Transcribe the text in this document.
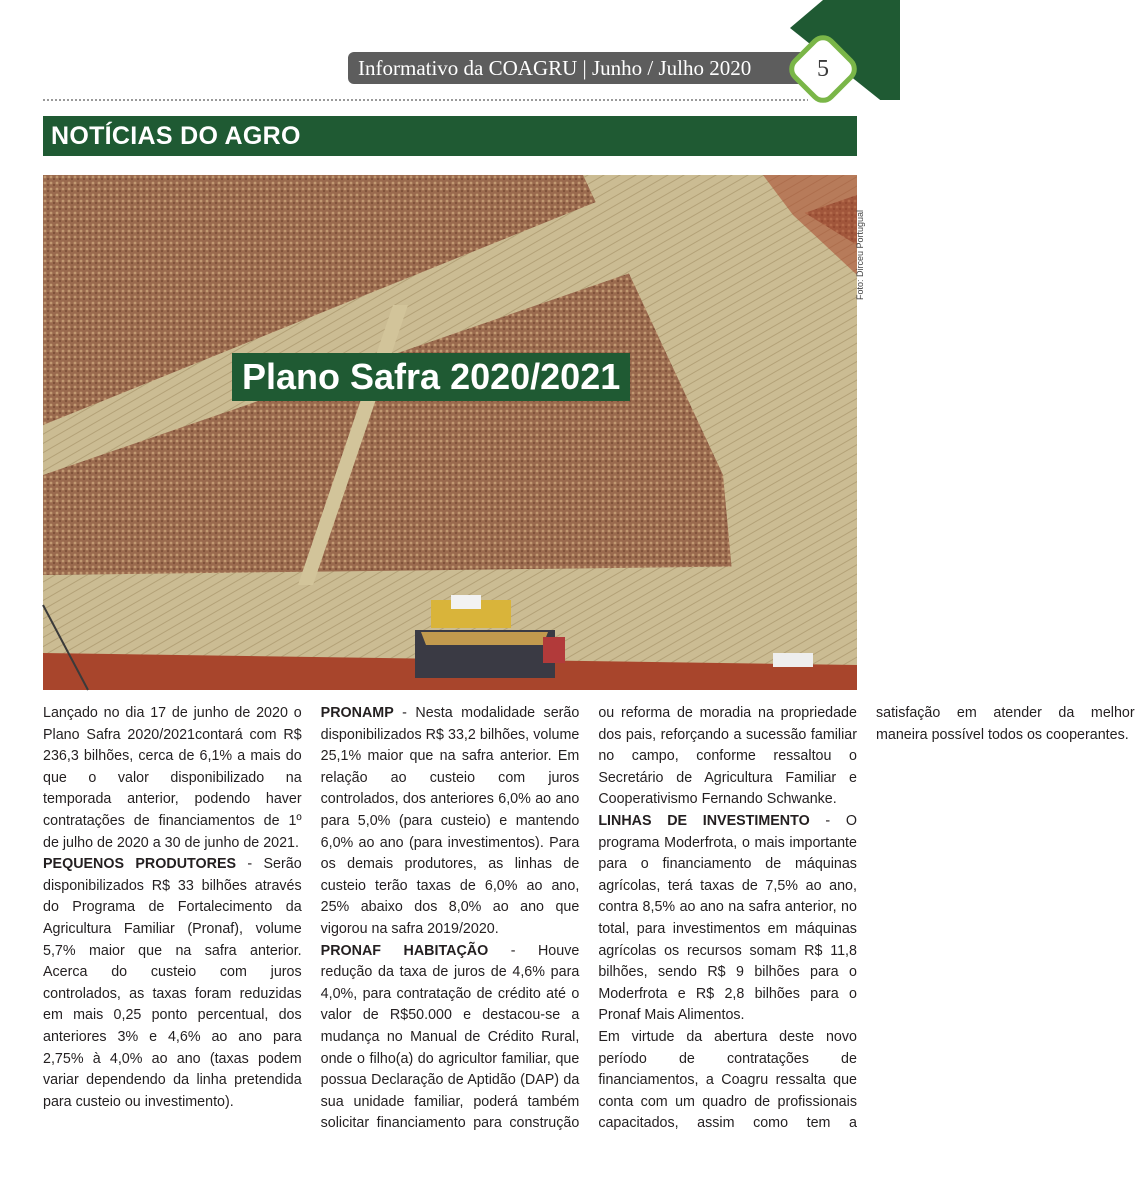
Informativo da COAGRU | Junho / Julho 2020	5
NOTÍCIAS DO AGRO
Plano Safra 2020/2021
Foto: Dirceu Portugual

Lançado no dia 17 de junho de 2020 o Plano Safra 2020/2021contará com R$ 236,3 bilhões, cerca de 6,1% a mais do que o valor disponibilizado na temporada anterior, podendo haver contratações de financiamentos de 1º de julho de 2020 a 30 de junho de 2021.

PEQUENOS PRODUTORES - Serão disponibilizados R$ 33 bilhões através do Programa de Fortalecimento da Agricultura Familiar (Pronaf), volume 5,7% maior que na safra anterior. Acerca do custeio com juros controlados, as taxas foram reduzidas em mais 0,25 ponto percentual, dos anteriores 3% e 4,6% ao ano para 2,75% à 4,0% ao ano (taxas podem variar dependendo da linha pretendida para custeio ou investimento).

PRONAMP - Nesta modalidade serão disponibilizados R$ 33,2 bilhões, volume 25,1% maior que na safra anterior. Em relação ao custeio com juros controlados, dos anteriores 6,0% ao ano para 5,0% (para custeio) e mantendo 6,0% ao ano (para investimentos). Para os demais produtores, as linhas de custeio terão taxas de 6,0% ao ano, 25% abaixo dos 8,0% ao ano que vigorou na safra 2019/2020.

PRONAF HABITAÇÃO - Houve redução da taxa de juros de 4,6% para 4,0%, para contratação de crédito até o valor de R$50.000 e destacou-se a mudança no Manual de Crédito Rural, onde o filho(a) do agricultor familiar, que possua Declaração de Aptidão (DAP) da sua unidade familiar, poderá também solicitar financiamento para construção ou reforma de moradia na propriedade dos pais, reforçando a sucessão familiar no campo, conforme ressaltou o Secretário de Agricultura Familiar e Cooperativismo Fernando Schwanke.

LINHAS DE INVESTIMENTO - O programa Moderfrota, o mais importante para o financiamento de máquinas agrícolas, terá taxas de 7,5% ao ano, contra 8,5% ao ano na safra anterior, no total, para investimentos em máquinas agrícolas os recursos somam R$ 11,8 bilhões, sendo R$ 9 bilhões para o Moderfrota e R$ 2,8 bilhões para o Pronaf Mais Alimentos.

Em virtude da abertura deste novo período de contratações de financiamentos, a Coagru ressalta que conta com um quadro de profissionais capacitados, assim como tem a satisfação em atender da melhor maneira possível todos os cooperantes.
